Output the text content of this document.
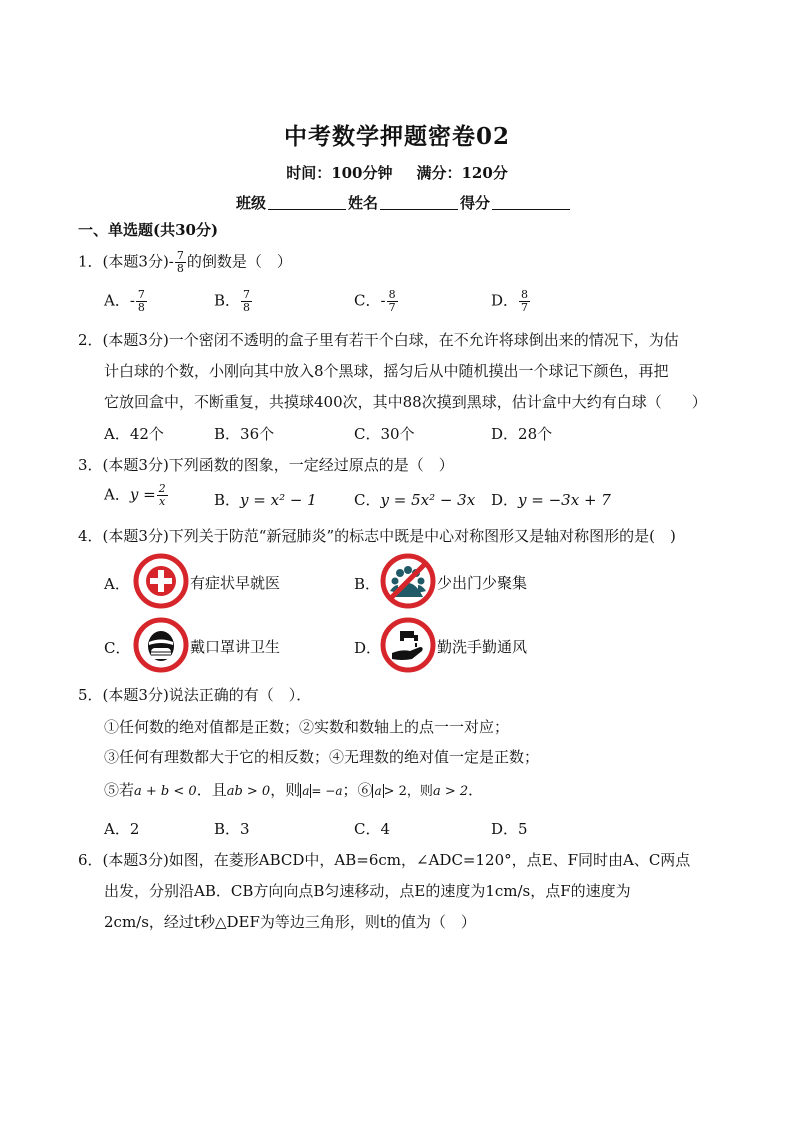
中考数学押题密卷02
时间：100分钟 满分：120分
班级	姓名	得分
一、单选题(共30分)
1．(本题3分)- $\frac{7}{8}$ 的倒数是（　）
A．- $\frac{7}{8}$	B． $\frac{7}{8}$	C．- $\frac{8}{7}$	D． $\frac{8}{7}$
2．(本题3分)一个密闭不透明的盒子里有若干个白球，在不允许将球倒出来的情况下，为估
计白球的个数，小刚向其中放入8个黑球，摇匀后从中随机摸出一个球记下颜色，再把
它放回盒中，不断重复，共摸球400次，其中88次摸到黑球，估计盒中大约有白球（　　）
A．42个	B．36个	C．30个	D．28个
3．(本题3分)下列函数的图象，一定经过原点的是（　）
A．$y = \frac{2}{x}$	B．y = x² − 1 C．y = 5x² − 3x D．y = −3x + 7
4．(本题3分)下列关于防范“新冠肺炎”的标志中既是中心对称图形又是轴对称图形的是(　)
A．	有症状早就医	B．	少出门少聚集
C．	戴口罩讲卫生	D．	勤洗手勤通风
5．(本题3分)说法正确的有（　）．
①任何数的绝对值都是正数；②实数和数轴上的点一一对应；
③任何有理数都大于它的相反数；④无理数的绝对值一定是正数；
⑤若a + b < 0．且ab > 0，则 a = −a；⑥ a > 2，则a > 2．
A．2	B．3	C．4	D．5
6．(本题3分)如图，在菱形ABCD中，AB=6cm，∠ADC=120°，点E、F同时由A、C两点
出发，分别沿AB．CB方向向点B匀速移动，点E的速度为1cm/s，点F的速度为
2cm/s，经过t秒△DEF为等边三角形，则t的值为（　）
